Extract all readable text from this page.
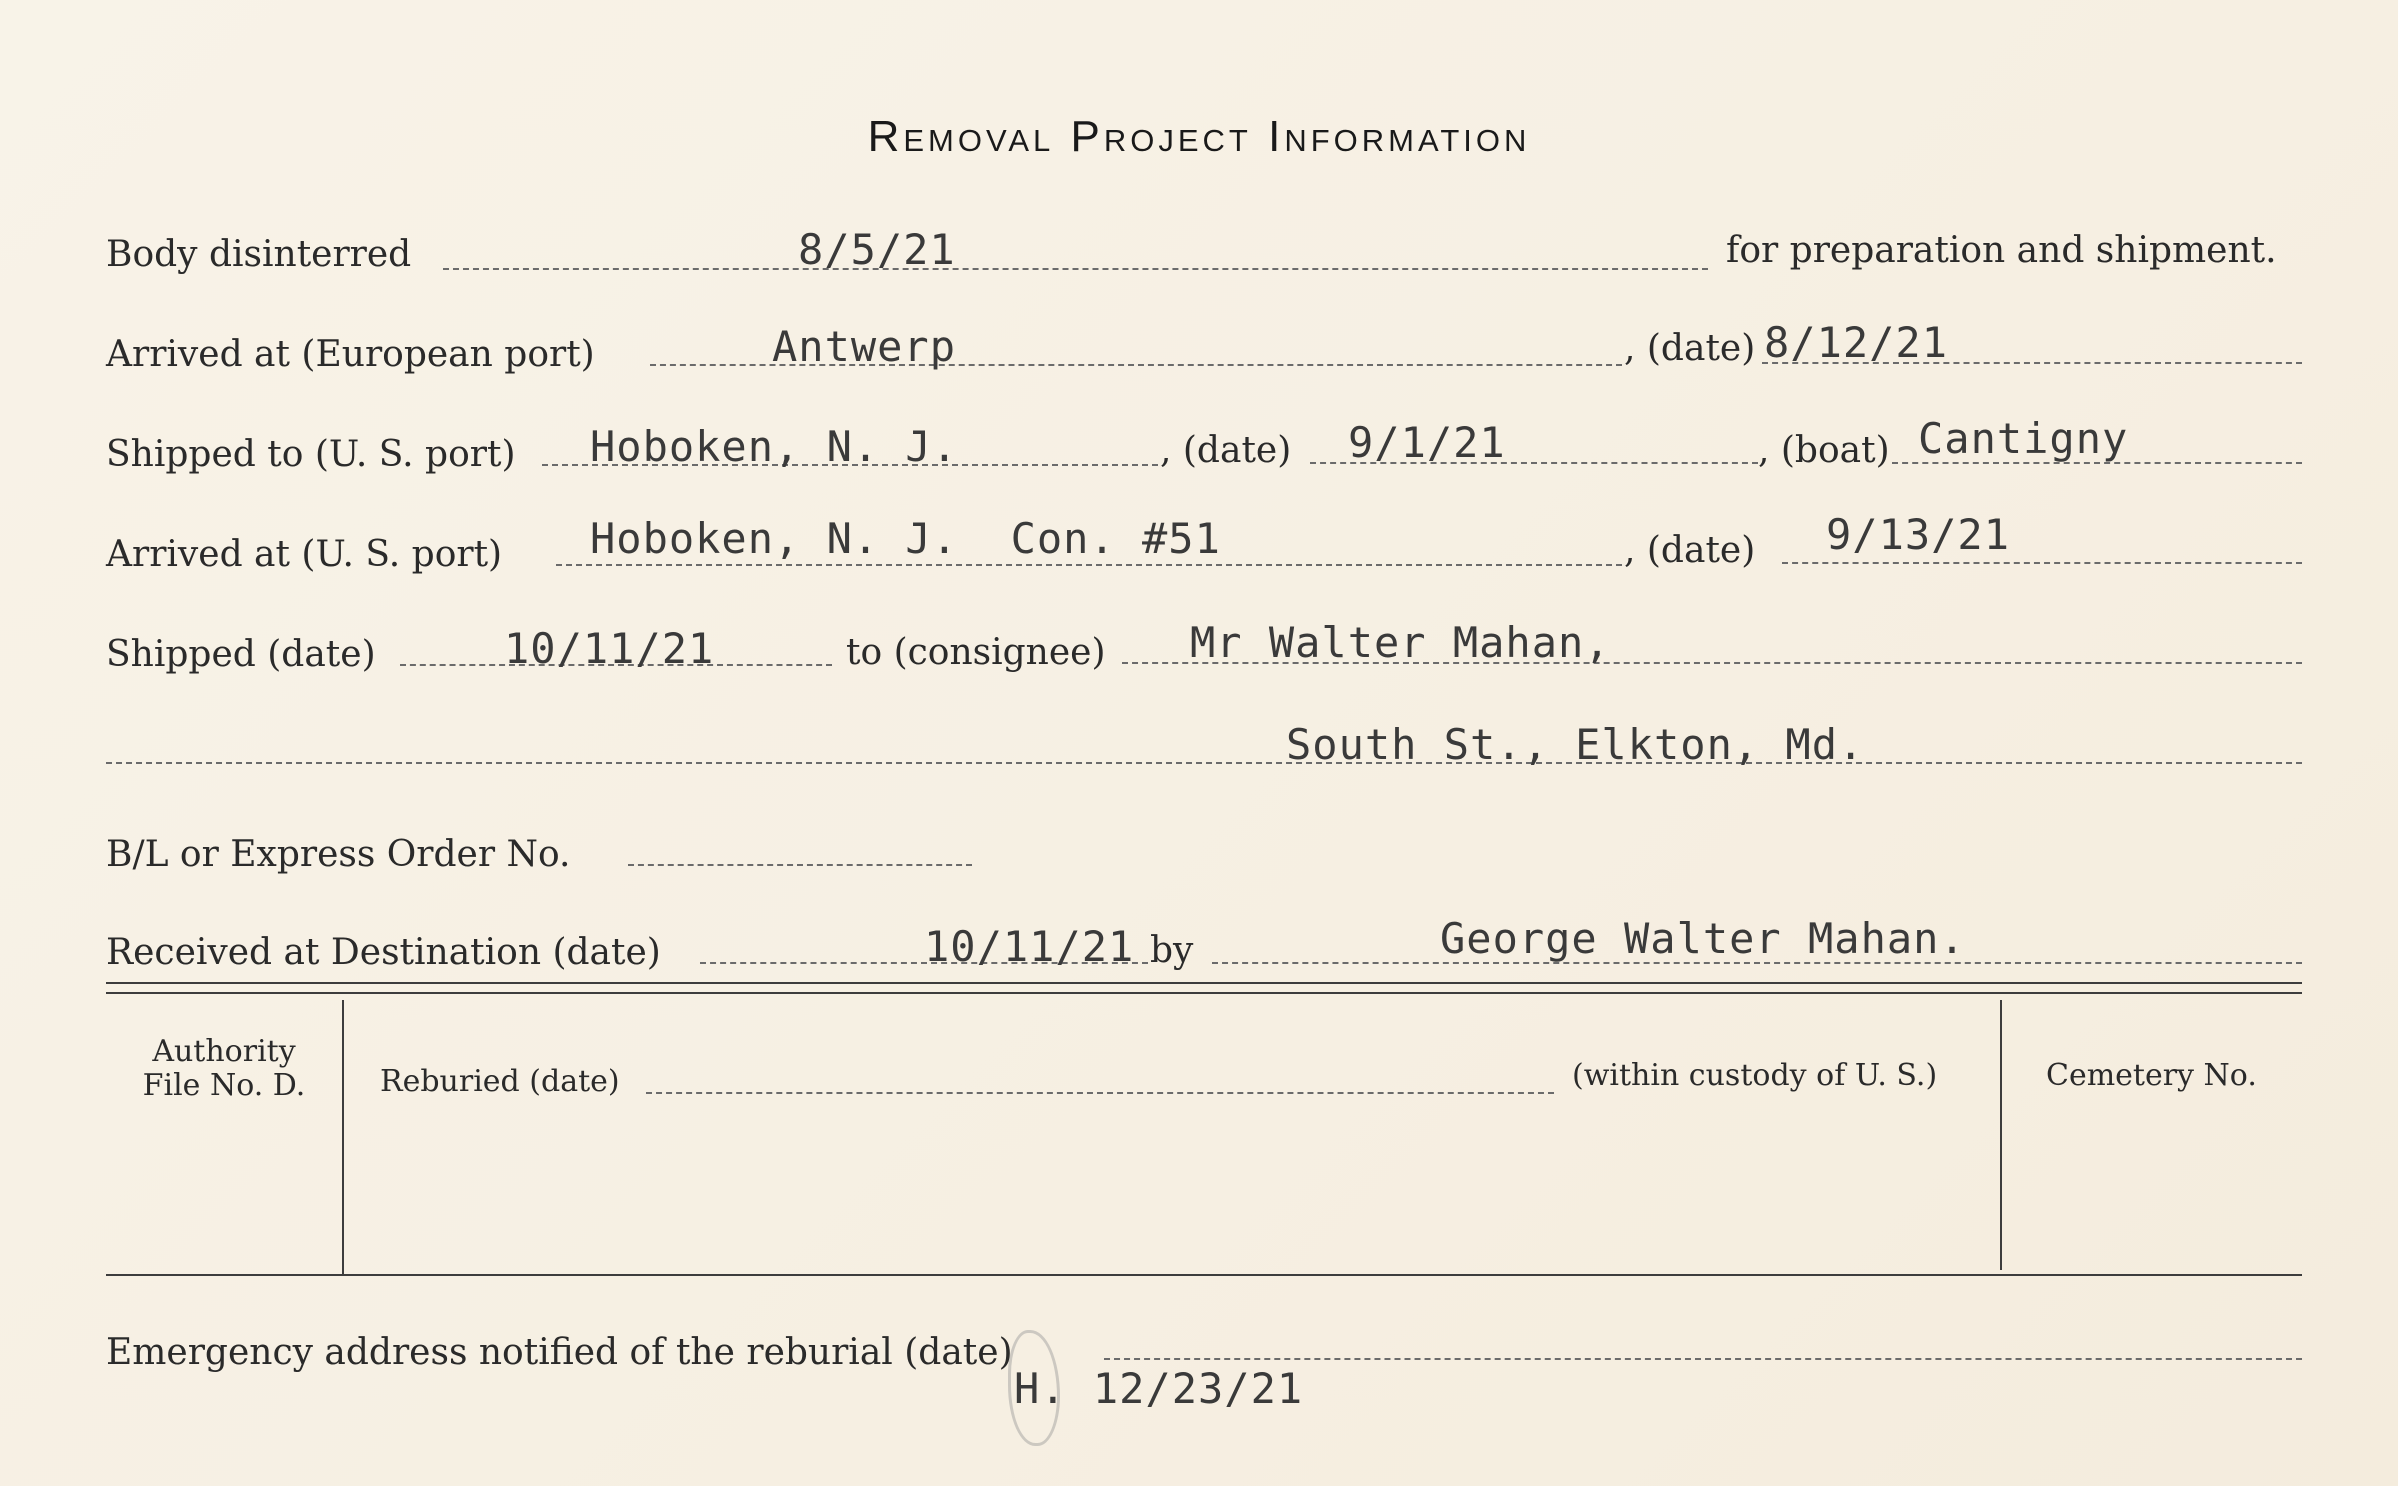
Removal Project Information
Body disinterred	8/5/21	for preparation and shipment.
Arrived at (European port)	Antwerp	, (date) 8/12/21
Shipped to (U. S. port) Hoboken, N. J.	, (date) 9/1/21	, (boat) Cantigny
Arrived at (U. S. port) Hoboken, N. J.  Con. #51	, (date) 9/13/21
Shipped (date)	10/11/21	to (consignee) Mr Walter Mahan,
South St., Elkton, Md.
B/L or Express Order No.
Received at Destination (date)	10/11/21 by	George Walter Mahan.
Authority
File No. D.	Reburied (date)	(within custody of U. S.)	Cemetery No.
Emergency address notified of the reburial (date)
H. 12/23/21
